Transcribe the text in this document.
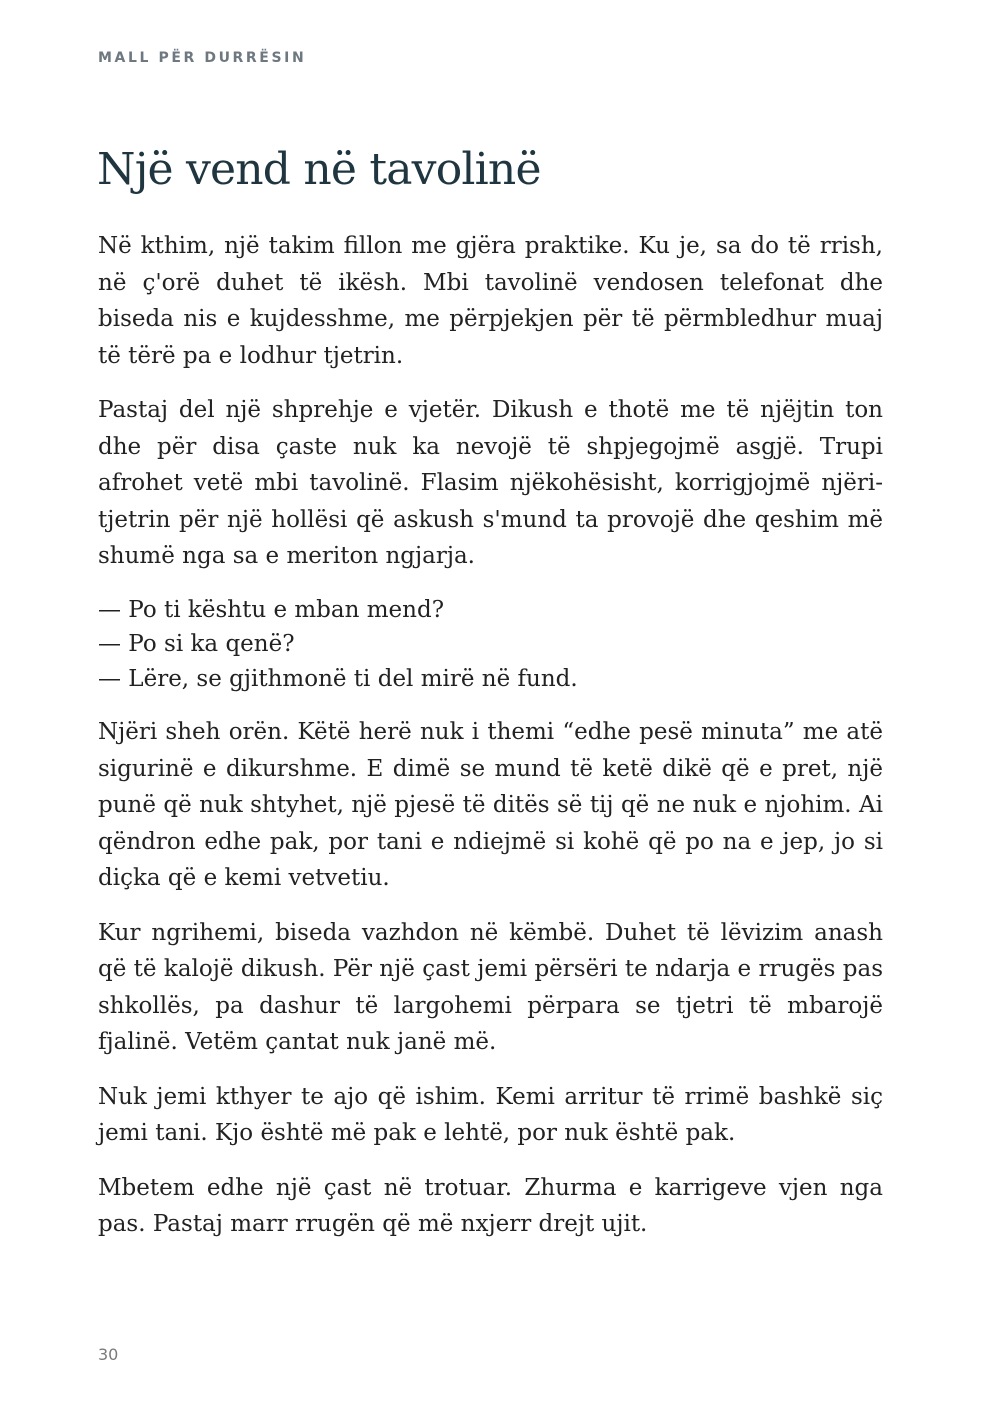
MALL PËR DURRËSIN
Një vend në tavolinë

Në kthim, një takim fillon me gjëra praktike. Ku je, sa do të rrish, në ç'orë duhet të ikësh. Mbi tavolinë vendosen telefonat dhe biseda nis e kujdesshme, me përpjekjen për të përmbledhur muaj të tërë pa e lodhur tjetrin.

Pastaj del një shprehje e vjetër. Dikush e thotë me të njëjtin ton dhe për disa çaste nuk ka nevojë të shpjegojmë asgjë. Trupi afrohet vetë mbi tavolinë. Flasim njëkohësisht, korrigjojmë njëri-tjetrin për një hollësi që askush s'mund ta provojë dhe qeshim më shumë nga sa e meriton ngjarja.

— Po ti kështu e mban mend?
— Po si ka qenë?
— Lëre, se gjithmonë ti del mirë në fund.

Njëri sheh orën. Këtë herë nuk i themi “edhe pesë minuta” me atë sigurinë e dikurshme. E dimë se mund të ketë dikë që e pret, një punë që nuk shtyhet, një pjesë të ditës së tij që ne nuk e njohim. Ai qëndron edhe pak, por tani e ndiejmë si kohë që po na e jep, jo si diçka që e kemi vetvetiu.

Kur ngrihemi, biseda vazhdon në këmbë. Duhet të lëvizim anash që të kalojë dikush. Për një çast jemi përsëri te ndarja e rrugës pas shkollës, pa dashur të largohemi përpara se tjetri të mbarojë fjalinë. Vetëm çantat nuk janë më.

Nuk jemi kthyer te ajo që ishim. Kemi arritur të rrimë bashkë siç jemi tani. Kjo është më pak e lehtë, por nuk është pak.

Mbetem edhe një çast në trotuar. Zhurma e karrigeve vjen nga pas. Pastaj marr rrugën që më nxjerr drejt ujit.

30
